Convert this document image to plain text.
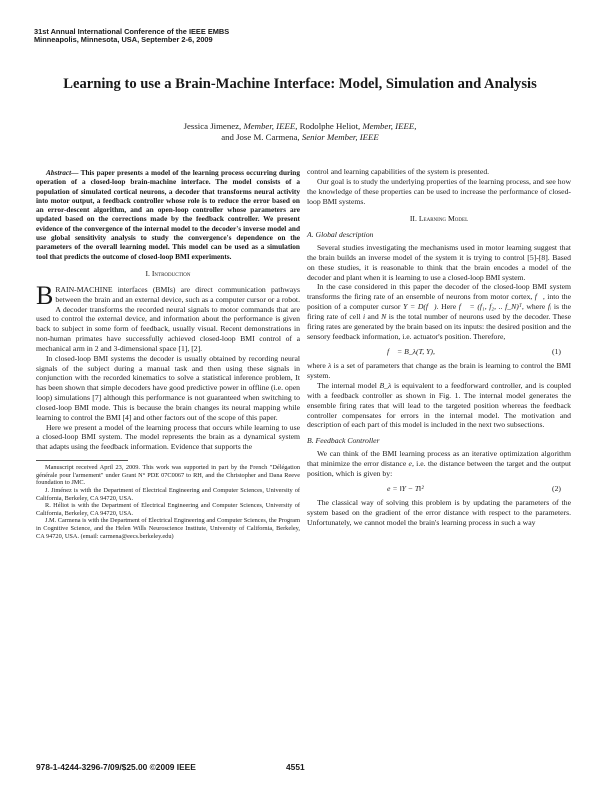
31st Annual International Conference of the IEEE EMBS
Minneapolis, Minnesota, USA, September 2-6, 2009
Learning to use a Brain-Machine Interface: Model, Simulation and Analysis
Jessica Jimenez, Member, IEEE, Rodolphe Heliot, Member, IEEE,
and Jose M. Carmena, Senior Member, IEEE

Abstract— This paper presents a model of the learning process occurring during operation of a closed-loop brain-machine interface. The model consists of a population of simulated cortical neurons, a decoder that transforms neural activity into motor output, a feedback controller whose role is to reduce the error based on an error-descent algorithm, and an open-loop controller whose parameters are updated based on the corrections made by the feedback controller. We present evidence of the convergence of the internal model to the decoder's inverse model and use global sensitivity analysis to study the convergence's dependence on the parameters of the overall learning model. This model can be used as a simulation tool that predicts the outcome of closed-loop BMI experiments.

I. Introduction

BRAIN-MACHINE interfaces (BMIs) are direct communication pathways between the brain and an external device, such as a computer cursor or a robot. A decoder transforms the recorded neural signals to motor commands that are used to control the external device, and information about the performance is given back to subject in some form of feedback, usually visual. Recent demonstrations in non-human primates have successfully achieved closed-loop BMI control of a mechanical arm in 2 and 3-dimensional space [1], [2].

In closed-loop BMI systems the decoder is usually obtained by recording neural signals of the subject during a manual task and then using these signals in conjunction with the recorded kinematics to solve a statistical inference problem, It has been shown that simple decoders have good predictive power in offline (i.e. open loop) simulations [7] although this performance is not guaranteed when switching to closed-loop BMI mode. This is because the brain changes its neural mapping while learning to control the BMI [4] and other factors out of the scope of this paper.

Here we present a model of the learning process that occurs while learning to use a closed-loop BMI system. The model represents the brain as a dynamical system that adapts using the feedback information. Evidence that supports the

Manuscript received April 23, 2009. This work was supported in part by the French "Délégation générale pour l'armement" under Grant N° PDE 07C0067 to RH, and the Christopher and Dana Reeve foundation to JMC.

J. Jiménez is with the Department of Electrical Engineering and Computer Sciences, University of California, Berkeley, CA 94720, USA.

R. Héliot is with the Department of Electrical Engineering and Computer Sciences, University of California, Berkeley, CA 94720, USA.

J.M. Carmena is with the Department of Electrical Engineering and Computer Sciences, the Program in Cognitive Science, and the Helen Wills Neuroscience Institute, University of California, Berkeley, CA 94720, USA. (email: carmena@eecs.berkeley.edu)

control and learning capabilities of the system is presented.

Our goal is to study the underlying properties of the learning process, and see how the knowledge of these properties can be used to increase the performance of closed-loop BMI systems.

II. Learning Model
A. Global description

Several studies investigating the mechanisms used in motor learning suggest that the brain builds an inverse model of the system it is trying to control [5]-[8]. Based on these studies, it is reasonable to think that the brain encodes a model of the decoder and plant when it is learning to use a closed-loop BMI system.

In the case considered in this paper the decoder of the closed-loop BMI system transforms the firing rate of an ensemble of neurons from motor cortex, f⃗, into the position of a computer cursor Y = D(f⃗). Here f⃗ = (f₁, f₂, .. f_N)ᵀ, where fᵢ is the firing rate of cell i and N is the total number of neurons used by the decoder. These firing rates are generated by the brain based on its inputs: the desired position and the sensory feedback information, i.e. actuator's position. Therefore,

f⃗ = B_λ(T, Y),	(1)

where λ is a set of parameters that change as the brain is learning to control the BMI system.

The internal model B_λ is equivalent to a feedforward controller, and is coupled with a feedback controller as shown in Fig. 1. The internal model generates the ensemble firing rates that will lead to the targeted position whereas the feedback controller compensates for errors in the internal model. The motivation and description of each part of this model is included in the next two subsections.

B. Feedback Controller

We can think of the BMI learning process as an iterative optimization algorithm that minimize the error distance e, i.e. the distance between the target and the output position, which is given by:

e = ‖Y − T‖²	(2)

The classical way of solving this problem is by updating the parameters of the system based on the gradient of the error distance with respect to the parameters. Unfortunately, we cannot model the brain's learning process in such a way

978-1-4244-3296-7/09/$25.00 ©2009 IEEE	4551
